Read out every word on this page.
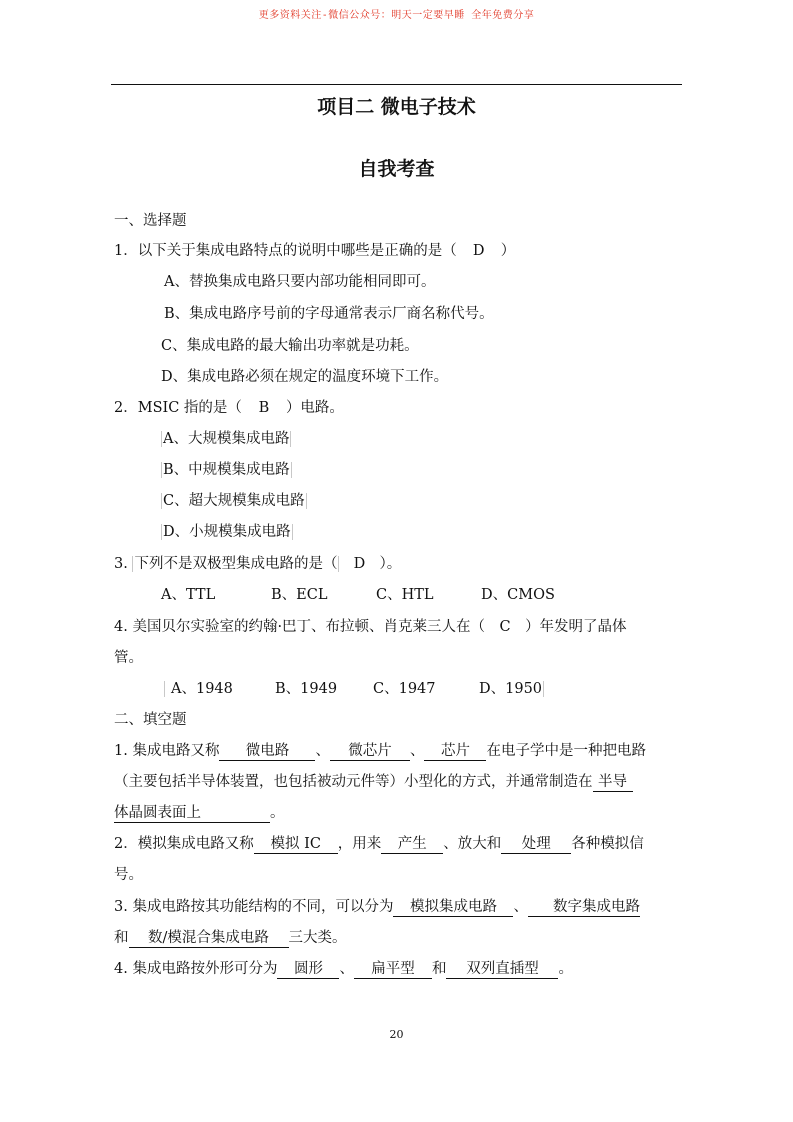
更多资料关注-微信公众号：明天一定要早睡 全年免费分享
项目二 微电子技术
自我考查
一、选择题
1．以下关于集成电路特点的说明中哪些是正确的是（ D ）
A、替换集成电路只要内部功能相同即可。
B、集成电路序号前的字母通常表示厂商名称代号。
C、集成电路的最大输出功率就是功耗。
D、集成电路必须在规定的温度环境下工作。
2．MSIC 指的是（ B ）电路。
A、大规模集成电路
B、中规模集成电路
C、超大规模集成电路
D、小规模集成电路
3. 下列不是双极型集成电路的是（ D ）。
A、TTL	B、ECL	C、HTL	D、CMOS
4. 美国贝尔实验室的约翰·巴丁、布拉顿、肖克莱三人在（ C ）年发明了晶体
管。
A、1948	B、1949 C、1947	D、1950
二、填空题
1. 集成电路又称 微电路 、 微芯片 、 芯片 在电子学中是一种把电路
（主要包括半导体装置，也包括被动元件等）小型化的方式，并通常制造在 半导
体晶圆表面上	。
2．模拟集成电路又称 模拟 IC ，用来 产生 、放大和 处理 各种模拟信
号。
3. 集成电路按其功能结构的不同，可以分为 模拟集成电路 、 数字集成电路
和 数/模混合集成电路 三大类。
4. 集成电路按外形可分为 圆形 、 扁平型 和 双列直插型 。
20
